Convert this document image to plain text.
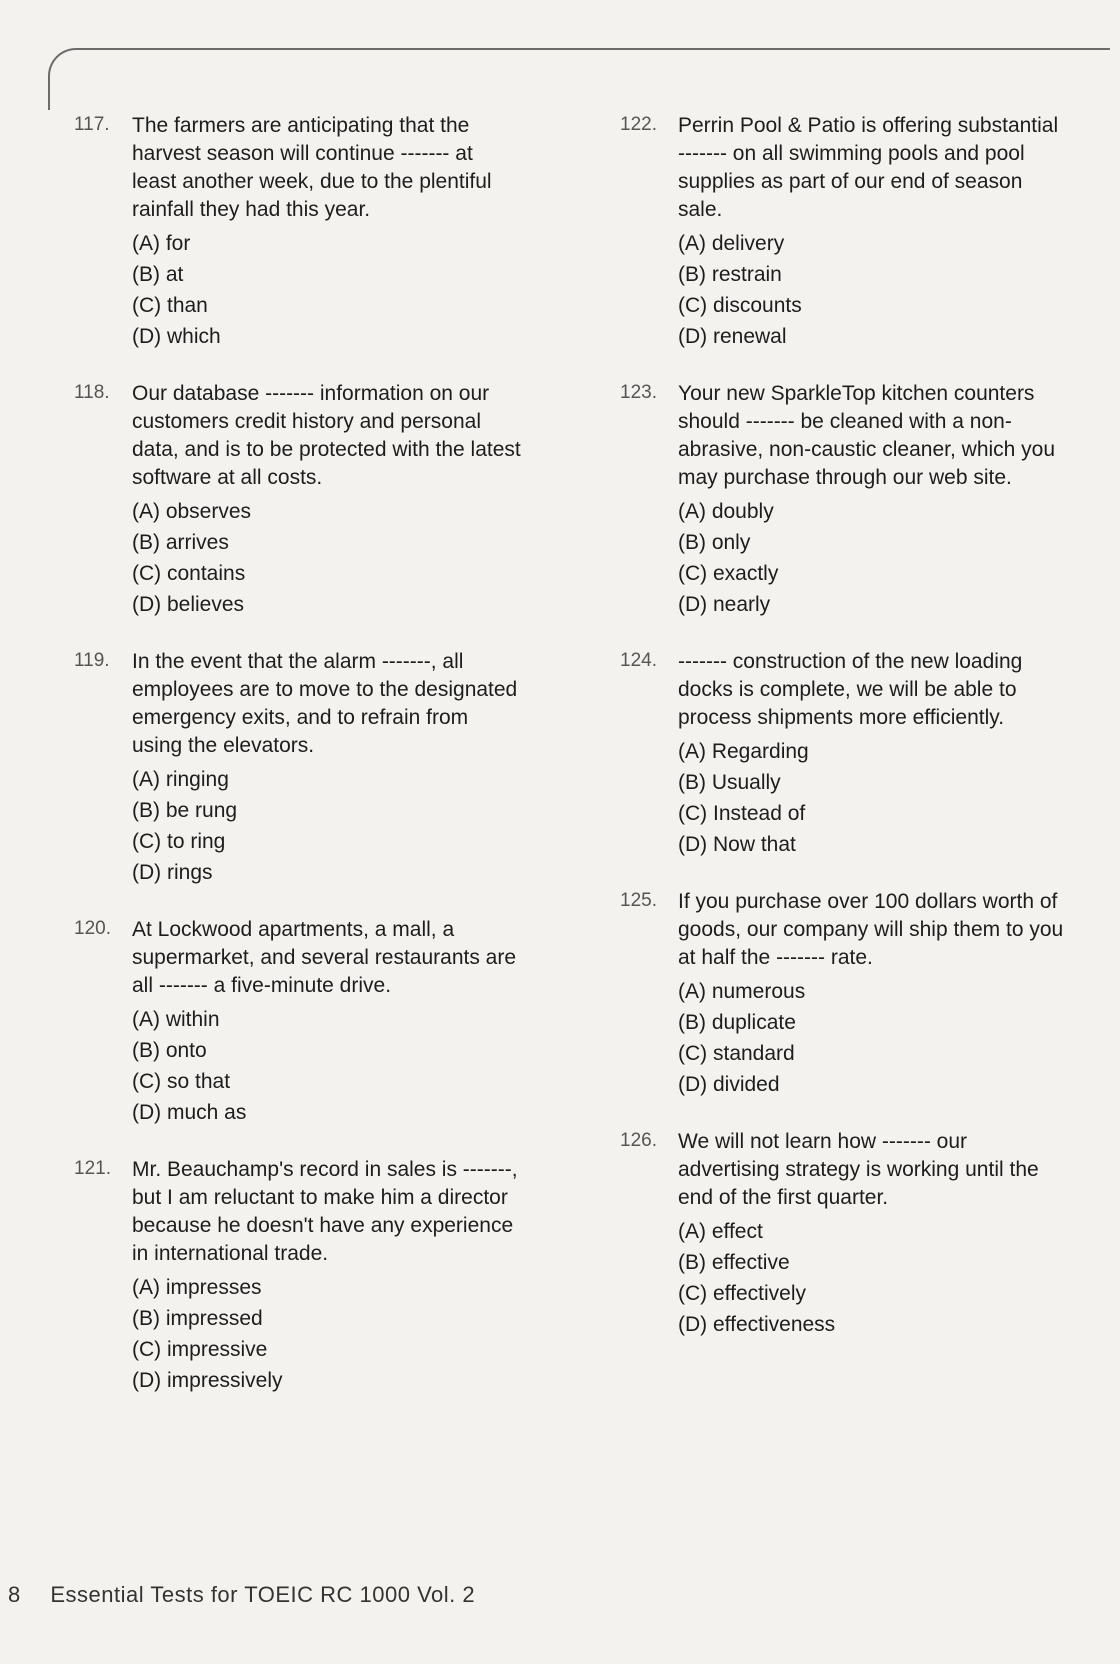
117. The farmers are anticipating that the
harvest season will continue ------- at
least another week, due to the plentiful
rainfall they had this year.
(A) for
(B) at
(C) than
(D) which
118. Our database ------- information on our
customers credit history and personal
data, and is to be protected with the latest
software at all costs.
(A) observes
(B) arrives
(C) contains
(D) believes
119. In the event that the alarm -------, all
employees are to move to the designated
emergency exits, and to refrain from
using the elevators.
(A) ringing
(B) be rung
(C) to ring
(D) rings
120. At Lockwood apartments, a mall, a
supermarket, and several restaurants are
all ------- a five-minute drive.
(A) within
(B) onto
(C) so that
(D) much as
121. Mr. Beauchamp's record in sales is -------,
but I am reluctant to make him a director
because he doesn't have any experience
in international trade.
(A) impresses
(B) impressed
(C) impressive
(D) impressively
122. Perrin Pool & Patio is offering substantial
------- on all swimming pools and pool
supplies as part of our end of season
sale.
(A) delivery
(B) restrain
(C) discounts
(D) renewal
123. Your new SparkleTop kitchen counters
should ------- be cleaned with a non-
abrasive, non-caustic cleaner, which you
may purchase through our web site.
(A) doubly
(B) only
(C) exactly
(D) nearly
124. ------- construction of the new loading
docks is complete, we will be able to
process shipments more efficiently.
(A) Regarding
(B) Usually
(C) Instead of
(D) Now that
125. If you purchase over 100 dollars worth of
goods, our company will ship them to you
at half the ------- rate.
(A) numerous
(B) duplicate
(C) standard
(D) divided
126. We will not learn how ------- our
advertising strategy is working until the
end of the first quarter.
(A) effect
(B) effective
(C) effectively
(D) effectiveness
8 Essential Tests for TOEIC RC 1000 Vol. 2
